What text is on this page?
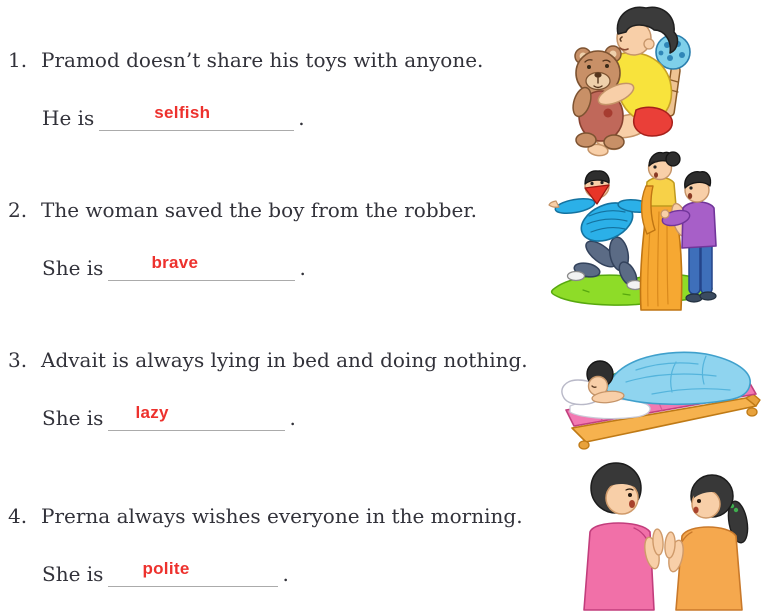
1. Pramod doesn’t share his toys with anyone.
He is	selfish	.
2. The woman saved the boy from the robber.
She is	brave	.
3. Advait is always lying in bed and doing nothing.
She is lazy	.
4. Prerna always wishes everyone in the morning.
She is polite	.
